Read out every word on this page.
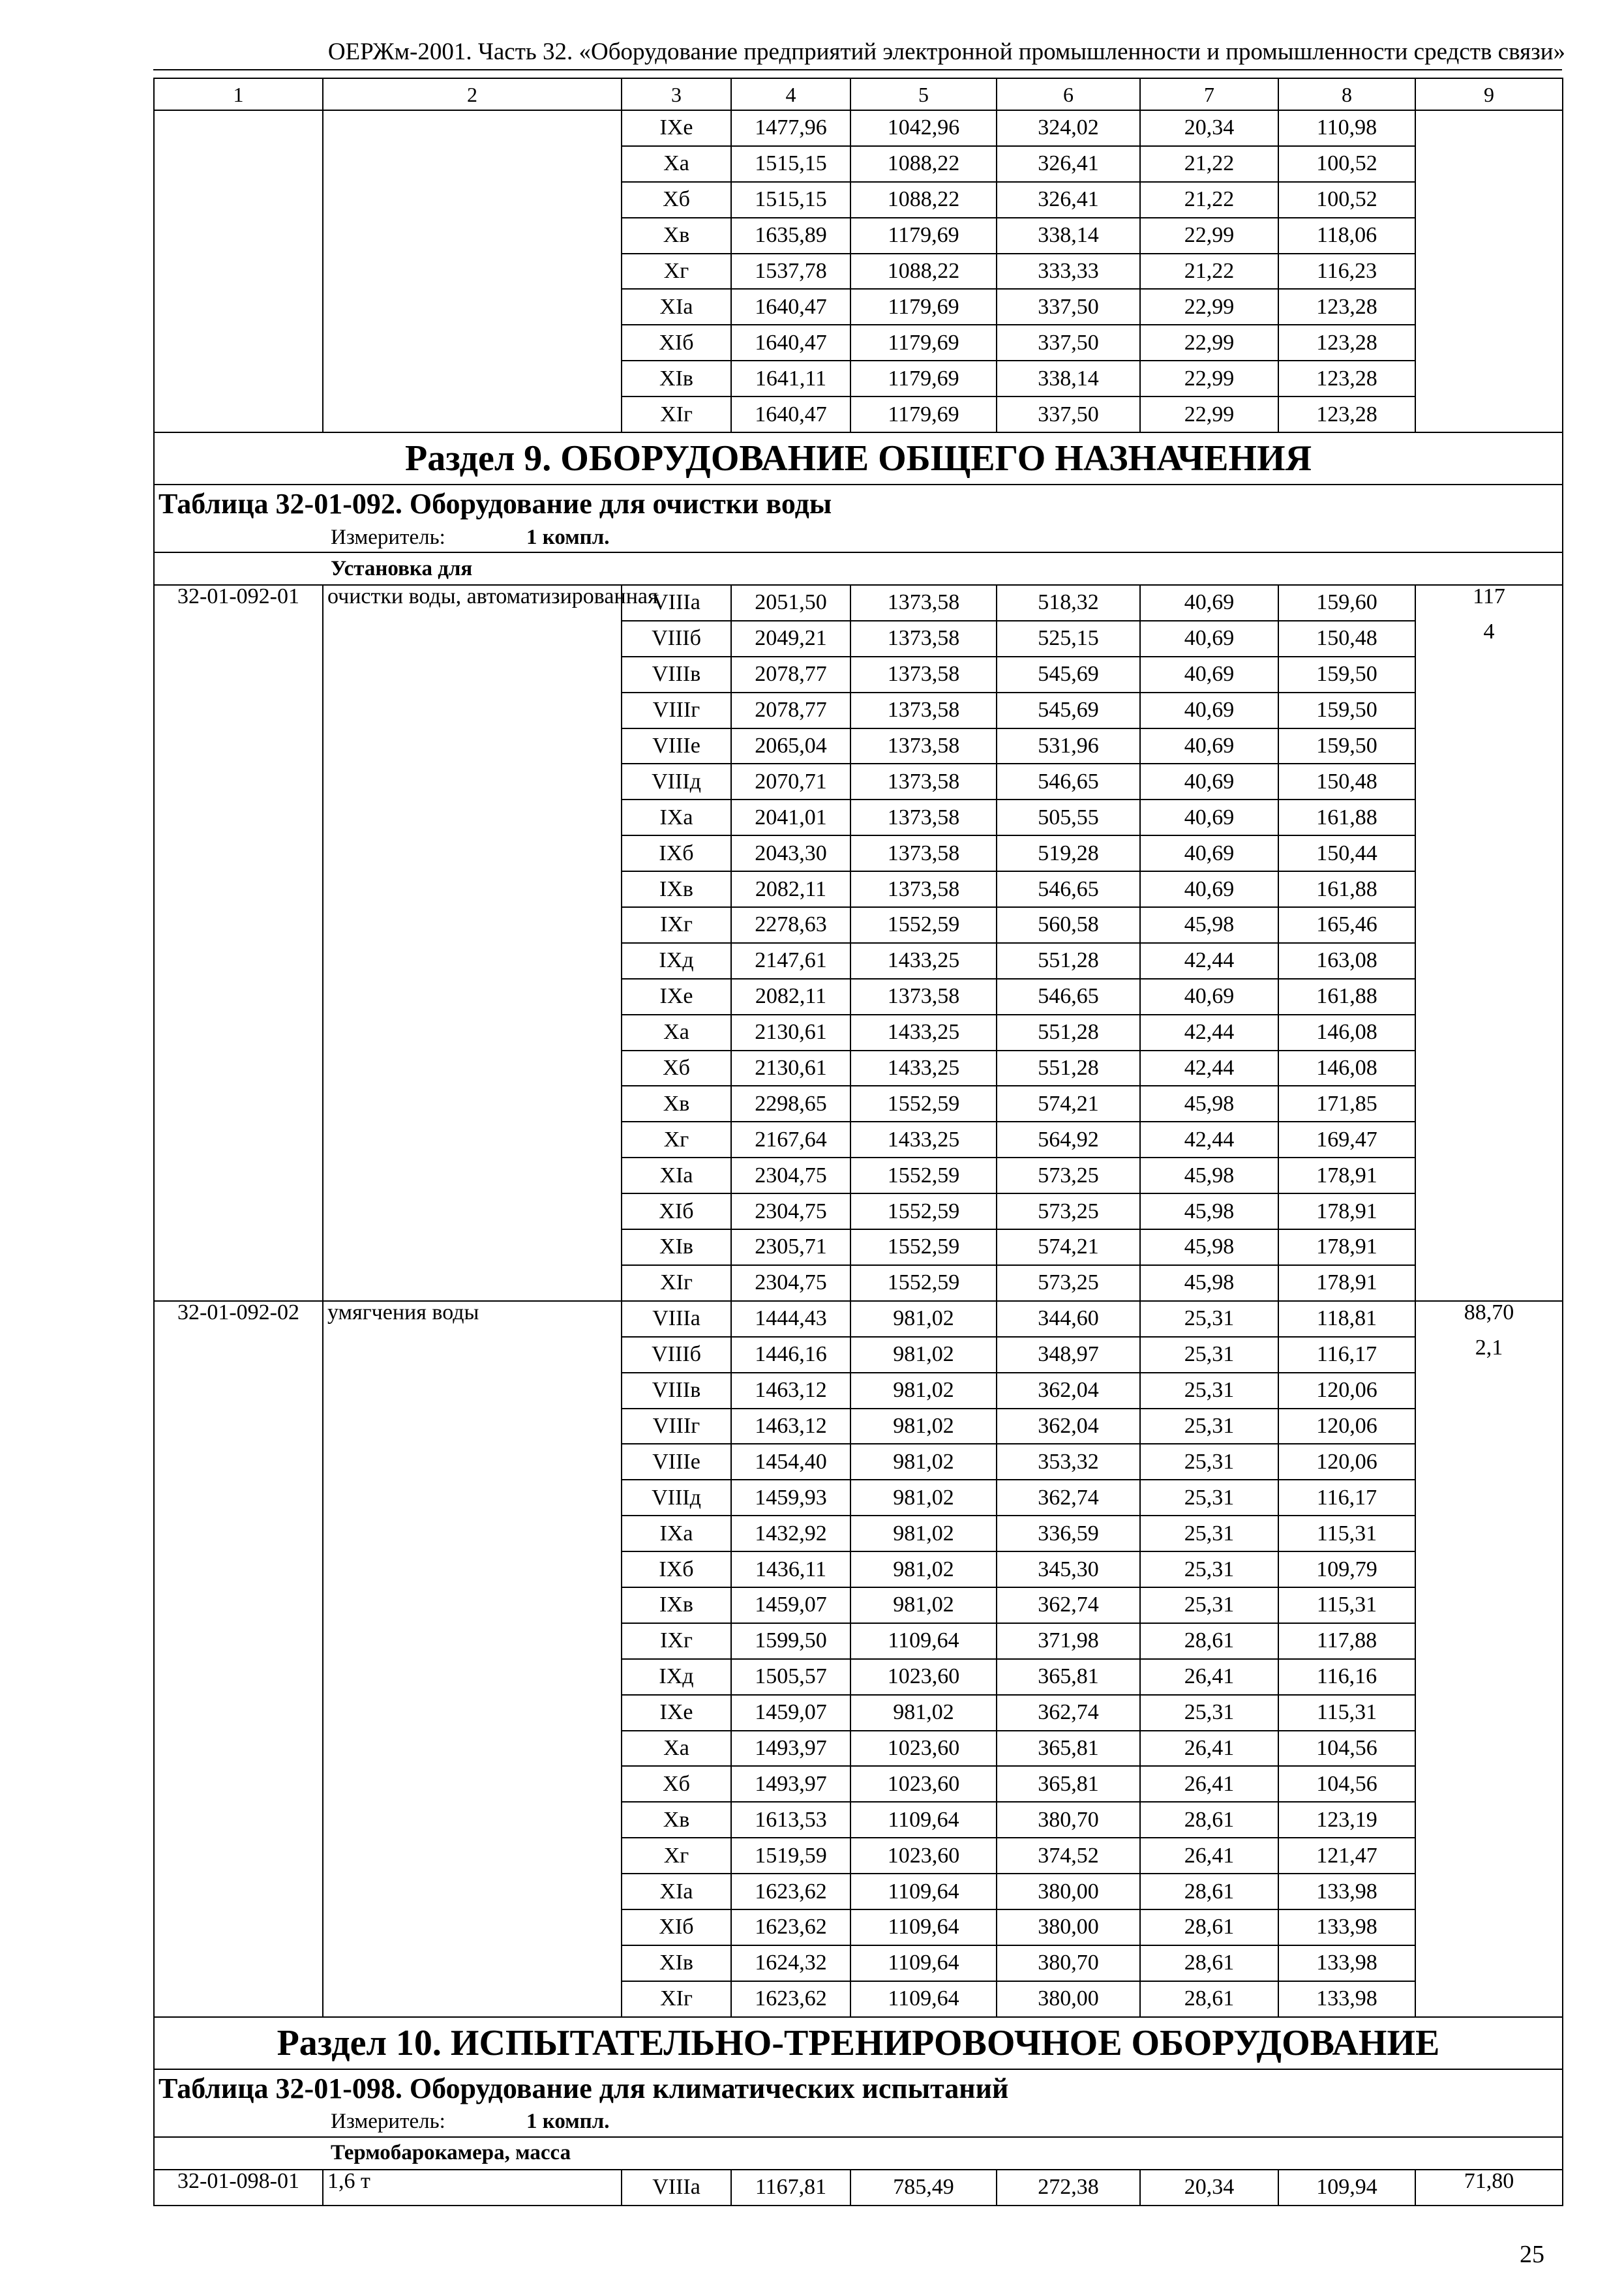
ОЕРЖм-2001. Часть 32. «Оборудование предприятий электронной промышленности и промышленности средств связи»
1	2	3	4	5	6	7	8	9
		IXе	1477,96	1042,96	324,02	20,34	110,98	
		Xа	1515,15	1088,22	326,41	21,22	100,52	
		Xб	1515,15	1088,22	326,41	21,22	100,52	
		Xв	1635,89	1179,69	338,14	22,99	118,06	
		Xг	1537,78	1088,22	333,33	21,22	116,23	
		XIа	1640,47	1179,69	337,50	22,99	123,28	
		XIб	1640,47	1179,69	337,50	22,99	123,28	
		XIв	1641,11	1179,69	338,14	22,99	123,28	
		XIг	1640,47	1179,69	337,50	22,99	123,28	
Раздел 9. ОБОРУДОВАНИЕ ОБЩЕГО НАЗНАЧЕНИЯ								
Таблица 32-01-092. Оборудование для очистки воды								
Измеритель: 1 компл.								
Установка для								
32-01-092-01	очистки воды, автоматизированная	VIIIа	2051,50	1373,58	518,32	40,69	159,60	117
		VIIIб	2049,21	1373,58	525,15	40,69	150,48	4
		VIIIв	2078,77	1373,58	545,69	40,69	159,50	
		VIIIг	2078,77	1373,58	545,69	40,69	159,50	
		VIIIе	2065,04	1373,58	531,96	40,69	159,50	
		VIIIд	2070,71	1373,58	546,65	40,69	150,48	
		IXа	2041,01	1373,58	505,55	40,69	161,88	
		IXб	2043,30	1373,58	519,28	40,69	150,44	
		IXв	2082,11	1373,58	546,65	40,69	161,88	
		IXг	2278,63	1552,59	560,58	45,98	165,46	
		IXд	2147,61	1433,25	551,28	42,44	163,08	
		IXе	2082,11	1373,58	546,65	40,69	161,88	
		Xа	2130,61	1433,25	551,28	42,44	146,08	
		Xб	2130,61	1433,25	551,28	42,44	146,08	
		Xв	2298,65	1552,59	574,21	45,98	171,85	
		Xг	2167,64	1433,25	564,92	42,44	169,47	
		XIа	2304,75	1552,59	573,25	45,98	178,91	
		XIб	2304,75	1552,59	573,25	45,98	178,91	
		XIв	2305,71	1552,59	574,21	45,98	178,91	
		XIг	2304,75	1552,59	573,25	45,98	178,91	
32-01-092-02	умягчения воды	VIIIа	1444,43	981,02	344,60	25,31	118,81	88,70
		VIIIб	1446,16	981,02	348,97	25,31	116,17	2,1
		VIIIв	1463,12	981,02	362,04	25,31	120,06	
		VIIIг	1463,12	981,02	362,04	25,31	120,06	
		VIIIе	1454,40	981,02	353,32	25,31	120,06	
		VIIIд	1459,93	981,02	362,74	25,31	116,17	
		IXа	1432,92	981,02	336,59	25,31	115,31	
		IXб	1436,11	981,02	345,30	25,31	109,79	
		IXв	1459,07	981,02	362,74	25,31	115,31	
		IXг	1599,50	1109,64	371,98	28,61	117,88	
		IXд	1505,57	1023,60	365,81	26,41	116,16	
		IXе	1459,07	981,02	362,74	25,31	115,31	
		Xа	1493,97	1023,60	365,81	26,41	104,56	
		Xб	1493,97	1023,60	365,81	26,41	104,56	
		Xв	1613,53	1109,64	380,70	28,61	123,19	
		Xг	1519,59	1023,60	374,52	26,41	121,47	
		XIа	1623,62	1109,64	380,00	28,61	133,98	
		XIб	1623,62	1109,64	380,00	28,61	133,98	
		XIв	1624,32	1109,64	380,70	28,61	133,98	
		XIг	1623,62	1109,64	380,00	28,61	133,98	
Раздел 10. ИСПЫТАТЕЛЬНО-ТРЕНИРОВОЧНОЕ ОБОРУДОВАНИЕ								
Таблица 32-01-098. Оборудование для климатических испытаний								
Измеритель: 1 компл.								
Термобарокамера, масса								
32-01-098-01	1,6 т	VIIIа	1167,81	785,49	272,38	20,34	109,94	71,80
25
